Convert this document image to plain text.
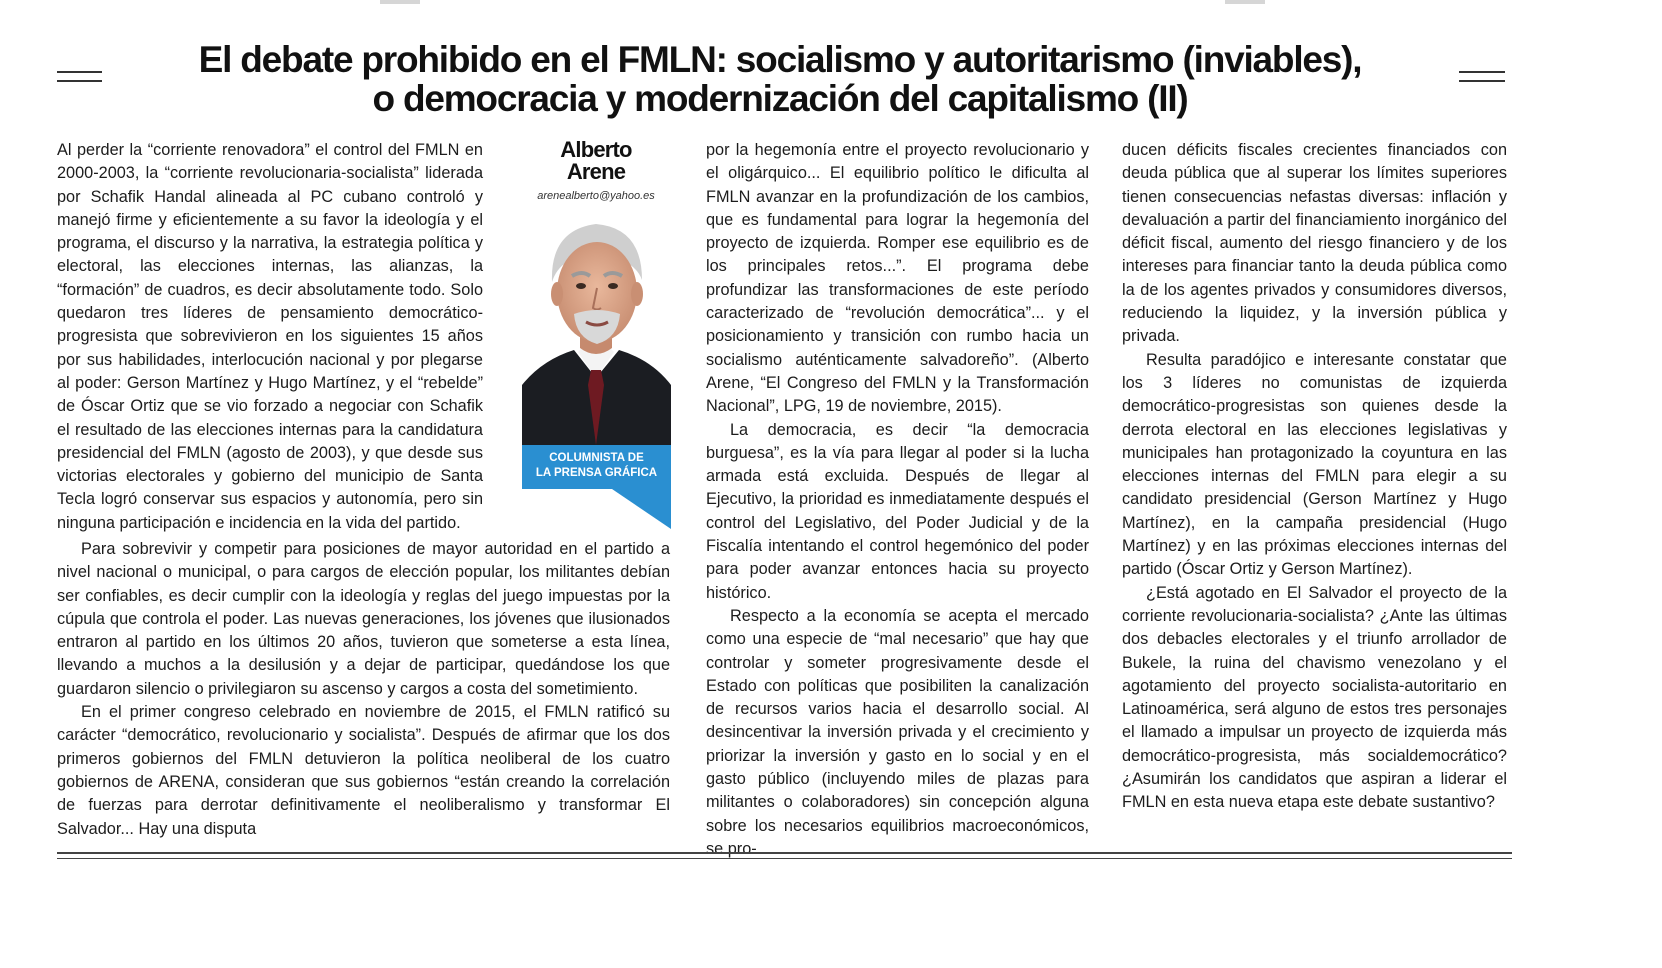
El debate prohibido en el FMLN: socialismo y autoritarismo (inviables),
o democracia y modernización del capitalismo (II)

Al perder la “corriente renovadora” el control del FMLN en 2000-2003, la “corriente revolucionaria-socialista” liderada por Schafik Handal alineada al PC cubano controló y manejó firme y eficientemente a su favor la ideología y el programa, el discurso y la narrativa, la estrategia política y electoral, las elecciones internas, las alianzas, la “formación” de cuadros, es decir absolutamente todo. Solo quedaron tres líderes de pensamiento democrático-progresista que sobrevivieron en los siguientes 15 años por sus habilidades, interlocución nacional y por plegarse al poder: Gerson Martínez y Hugo Martínez, y el “rebelde” de Óscar Ortiz que se vio forzado a negociar con Schafik el resultado de las elecciones internas para la candidatura presidencial del FMLN (agosto de 2003), y que desde sus victorias electorales y gobierno del municipio de Santa Tecla logró conservar sus espacios y autonomía, pero sin ninguna participación e incidencia en la vida del partido.

Para sobrevivir y competir para posiciones de mayor autoridad en el partido a nivel nacional o municipal, o para cargos de elección popular, los militantes debían ser confiables, es decir cumplir con la ideología y reglas del juego impuestas por la cúpula que controla el poder. Las nuevas generaciones, los jóvenes que ilusionados entraron al partido en los últimos 20 años, tuvieron que someterse a esta línea, llevando a muchos a la desilusión y a dejar de participar, quedándose los que guardaron silencio o privilegiaron su ascenso y cargos a costa del sometimiento.

En el primer congreso celebrado en noviembre de 2015, el FMLN ratificó su carácter “democrático, revolucionario y socialista”. Después de afirmar que los dos primeros gobiernos del FMLN detuvieron la política neoliberal de los cuatro gobiernos de ARENA, consideran que sus gobiernos “están creando la correlación de fuerzas para derrotar definitivamente el neoliberalismo y transformar El Salvador... Hay una disputa

Alberto
Arene
arenealberto@yahoo.es
COLUMNISTA DE
LA PRENSA GRÁFICA

por la hegemonía entre el proyecto revolucionario y el oligárquico... El equilibrio político le dificulta al FMLN avanzar en la profundización de los cambios, que es fundamental para lograr la hegemonía del proyecto de izquierda. Romper ese equilibrio es de los principales retos...”. El programa debe profundizar las transformaciones de este período caracterizado de “revolución democrática”... y el posicionamiento y transición con rumbo hacia un socialismo auténticamente salvadoreño”. (Alberto Arene, “El Congreso del FMLN y la Transformación Nacional”, LPG, 19 de noviembre, 2015).

La democracia, es decir “la democracia burguesa”, es la vía para llegar al poder si la lucha armada está excluida. Después de llegar al Ejecutivo, la prioridad es inmediatamente después el control del Legislativo, del Poder Judicial y de la Fiscalía intentando el control hegemónico del poder para poder avanzar entonces hacia su proyecto histórico.

Respecto a la economía se acepta el mercado como una especie de “mal necesario” que hay que controlar y someter progresivamente desde el Estado con políticas que posibiliten la canalización de recursos varios hacia el desarrollo social. Al desincentivar la inversión privada y el crecimiento y priorizar la inversión y gasto en lo social y en el gasto público (incluyendo miles de plazas para militantes o colaboradores) sin concepción alguna sobre los necesarios equilibrios macroeconómicos, se pro-

ducen déficits fiscales crecientes financiados con deuda pública que al superar los límites superiores tienen consecuencias nefastas diversas: inflación y devaluación a partir del financiamiento inorgánico del déficit fiscal, aumento del riesgo financiero y de los intereses para financiar tanto la deuda pública como la de los agentes privados y consumidores diversos, reduciendo la liquidez, y la inversión pública y privada.

Resulta paradójico e interesante constatar que los 3 líderes no comunistas de izquierda democrático-progresistas son quienes desde la derrota electoral en las elecciones legislativas y municipales han protagonizado la coyuntura en las elecciones internas del FMLN para elegir a su candidato presidencial (Gerson Martínez y Hugo Martínez), en la campaña presidencial (Hugo Martínez) y en las próximas elecciones internas del partido (Óscar Ortiz y Gerson Martínez).

¿Está agotado en El Salvador el proyecto de la corriente revolucionaria-socialista? ¿Ante las últimas dos debacles electorales y el triunfo arrollador de Bukele, la ruina del chavismo venezolano y el agotamiento del proyecto socialista-autoritario en Latinoamérica, será alguno de estos tres personajes el llamado a impulsar un proyecto de izquierda más democrático-progresista, más socialdemocrático? ¿Asumirán los candidatos que aspiran a liderar el FMLN en esta nueva etapa este debate sustantivo?
